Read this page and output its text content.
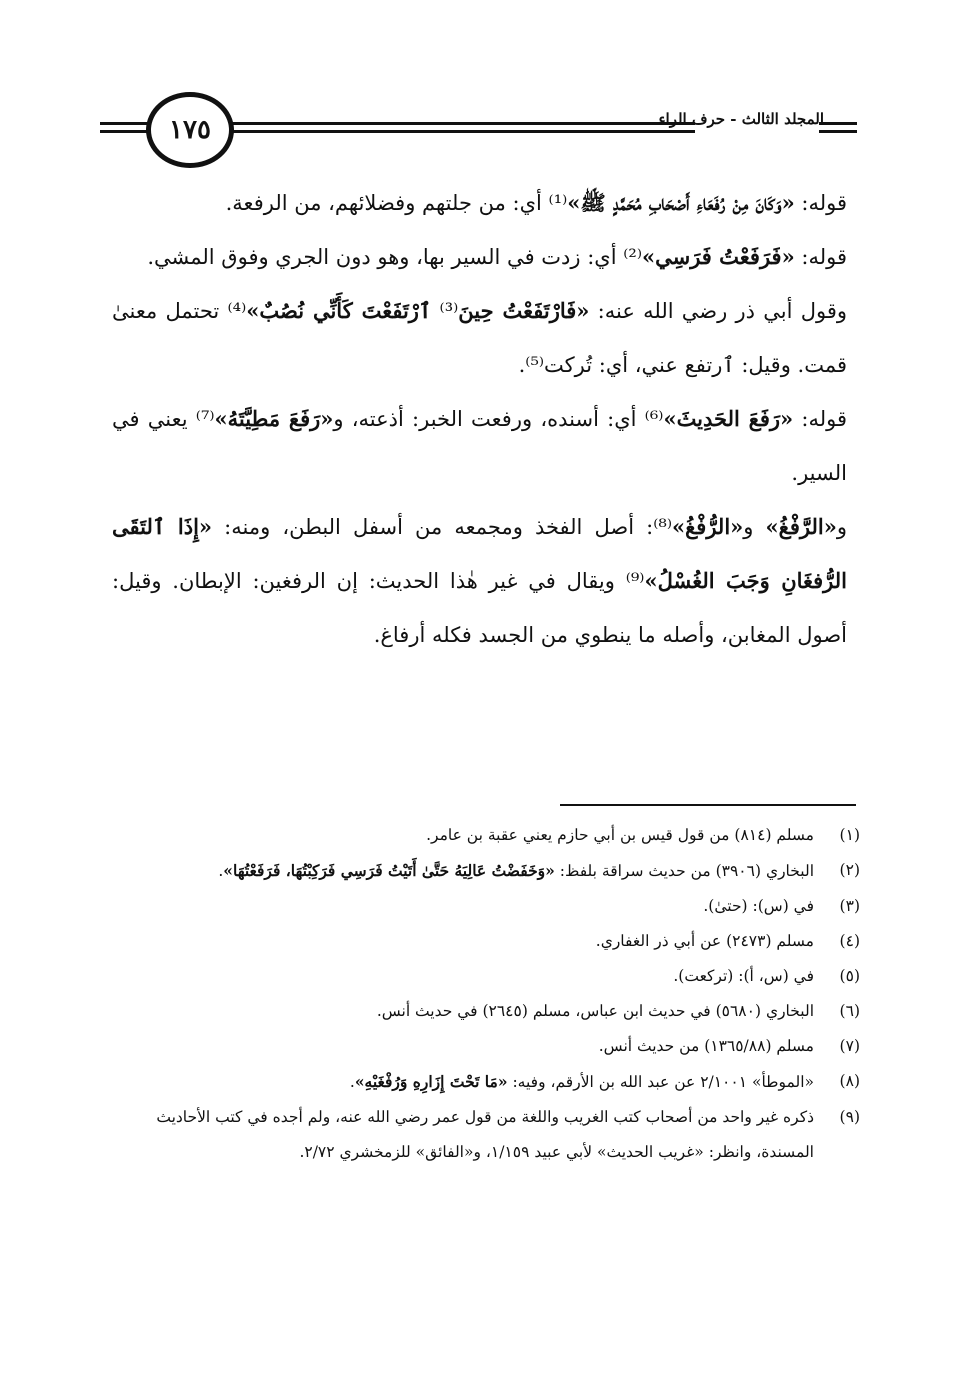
١٧٥	المجلد الثالث - حرف الراء

قوله: «وَكَانَ مِنْ رُفَعَاءِ أَصْحَابِ مُحَمَّدٍ ﷺ»⁽¹⁾ أي: من جلتهم وفضلائهم، من الرفعة.

قوله: «فَرَفَعْتُ فَرَسِي»⁽²⁾ أي: زدت في السير بها، وهو دون الجري وفوق المشي.

وقول أبي ذر رضي الله عنه: «فَارْتَفَعْتُ حِينَ⁽³⁾ ٱرْتَفَعْتَ كَأَنِّي نُصُبٌ»⁽⁴⁾ تحتمل معنىٰ قمت. وقيل: ٱرتفع عني، أي: تُركت⁽⁵⁾.

قوله: «رَفَعَ الحَدِيثَ»⁽⁶⁾ أي: أسنده، ورفعت الخبر: أذعته، و«رَفَعَ مَطِيَّتَهُ»⁽⁷⁾ يعني في السير.

و«الرَّفْغُ» و«الرُّفْغُ»⁽⁸⁾: أصل الفخذ ومجمعه من أسفل البطن، ومنه: «إِذَا ٱلتَقَى الرُّفغَانِ وَجَبَ الغُسْلُ»⁽⁹⁾ ويقال في غير هٰذا الحديث: إن الرفغين: الإبطان. وقيل: أصول المغابن، وأصله ما ينطوي من الجسد فكله أرفاغ.

(١)
مسلم (٨١٤) من قول قيس بن أبي حازم يعني عقبة بن عامر.
(٢)
البخاري (٣٩٠٦) من حديث سراقة بلفظ: «وَخَفَضْتُ عَالِيَهُ حَتَّىٰ أَتَيْتُ فَرَسِي فَرَكِبْتُهَا، فَرَفَعْتُهَا».
(٣)
في (س): (حتىٰ).
(٤)
مسلم (٢٤٧٣) عن أبي ذر الغفاري.
(٥)
في (س، أ): (تركعت).
(٦)
البخاري (٥٦٨٠) في حديث ابن عباس، مسلم (٢٦٤٥) في حديث أنس.
(٧)
مسلم (١٣٦٥/٨٨) من حديث أنس.
(٨)
«الموطأ» ٢/١٠٠١ عن عبد الله بن الأرقم، وفيه: «مَا تَحْتَ إِزَارِهِ وَرُفْغَيْهِ».
(٩)
ذكره غير واحد من أصحاب كتب الغريب واللغة من قول عمر رضي الله عنه، ولم أجده في كتب الأحاديث المسندة، وانظر: «غريب الحديث» لأبي عبيد ١/١٥٩، و«الفائق» للزمخشري ٢/٧٢.
